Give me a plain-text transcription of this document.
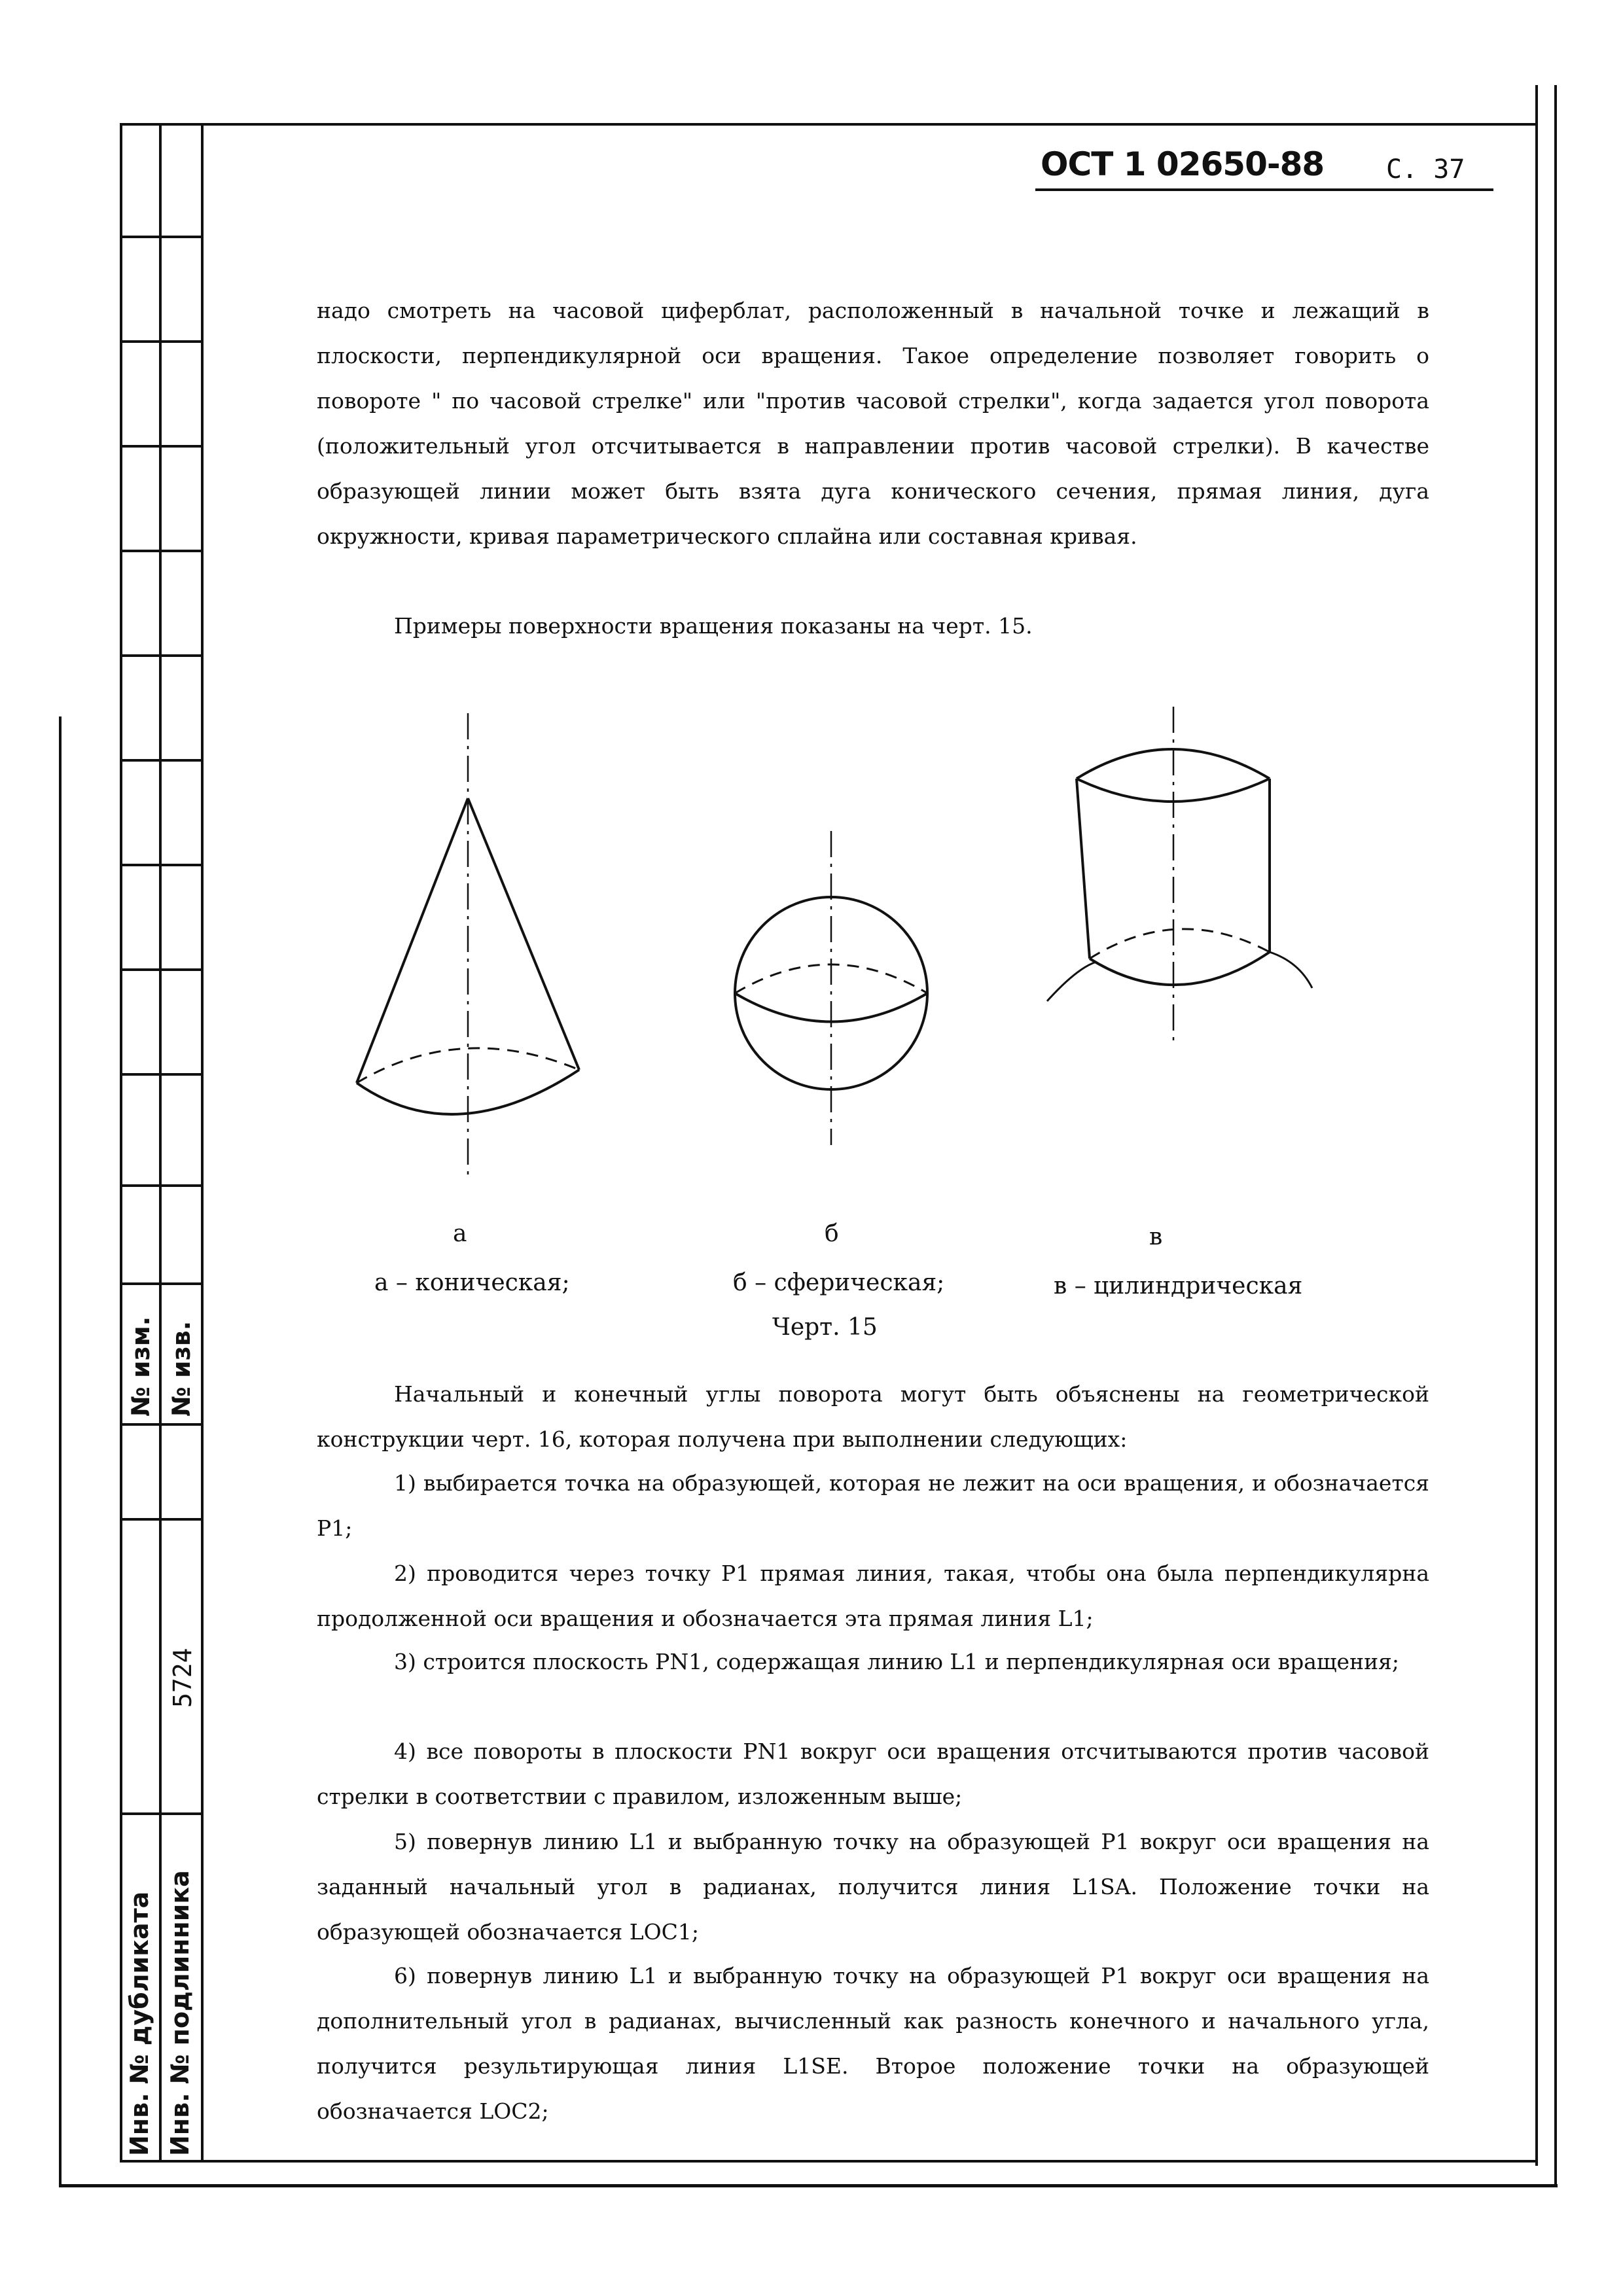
№ изм. № изв.
5724
Инв. № дубликата Инв. № подлинника
ОСТ 1 02650-88 С. 37
надо смотреть на часовой циферблат, расположенный в начальной точке и лежащий в плоскости, перпендикулярной оси вращения. Такое определение позволяет говорить о повороте " по часовой стрелке" или "против часовой стрелки", когда задается угол поворота (положительный угол отсчитывается в направлении против часовой стрелки). В качестве образующей линии может быть взята дуга конического сечения, прямая линия, дуга окружности, кривая параметрического сплайна или составная кривая.
Примеры поверхности вращения показаны на черт. 15.
а	б	в
а – коническая;	б – сферическая;	в – цилиндрическая
Черт. 15
Начальный и конечный углы поворота могут быть объяснены на геометрической конструкции черт. 16, которая получена при выполнении следующих:
1) выбирается точка на образующей, которая не лежит на оси вращения, и обозначается P1;
2) проводится через точку P1 прямая линия, такая, чтобы она была перпендикулярна продолженной оси вращения и обозначается эта прямая линия L1;
3) строится плоскость PN1, содержащая линию L1 и перпендикулярная оси вращения;
4) все повороты в плоскости PN1 вокруг оси вращения отсчитываются против часовой стрелки в соответствии с правилом, изложенным выше;
5) повернув линию L1 и выбранную точку на образующей P1 вокруг оси вращения на заданный начальный угол в радианах, получится линия L1SA. Положение точки на образующей обозначается LOC1;
6) повернув линию L1 и выбранную точку на образующей P1 вокруг оси вращения на дополнительный угол в радианах, вычисленный как разность конечного и начального угла, получится результирующая линия L1SE. Второе положение точки на образующей обозначается LOC2;
